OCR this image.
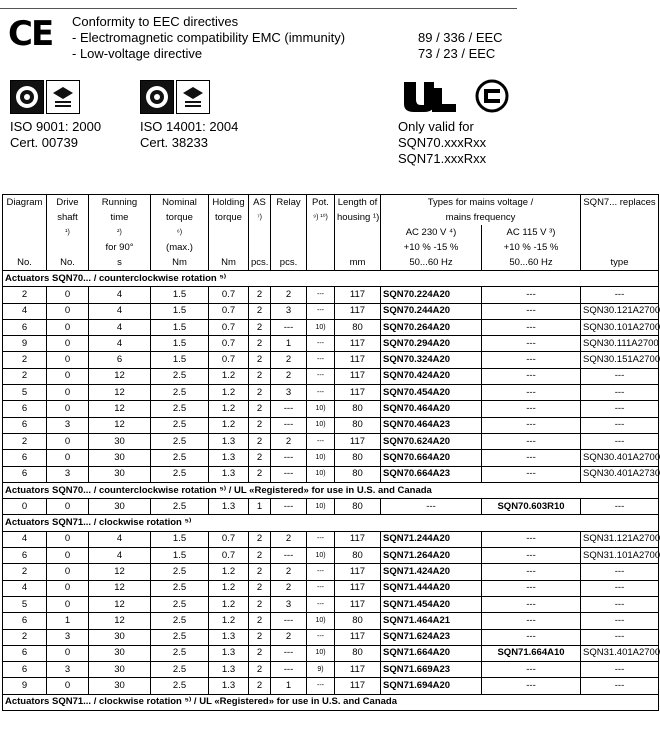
CE Conformity to EEC directives
- Electromagnetic compatibility EMC (immunity)
- Low-voltage directive
89 / 336 / EEC
73 / 23 / EEC
ISO 9001: 2000
Cert. 00739
ISO 14001: 2004
Cert. 38233
Only valid for
SQN70.xxxRxx
SQN71.xxxRxx
Diagram	Drive	Running	Nominal	Holding	AS	Relay	Pot.	Length of	Types for mains voltage /		SQN7... replaces
	shaft	time	torque	torque	⁷)		⁹) ¹⁰)	housing ¹)	mains frequency		
	¹)	²)	⁶)						AC 230 V ⁴)	AC 115 V ³)	
		for 90°	(max.)						+10 % -15 %	+10 % -15 %	
No.	No.	s	Nm	Nm	pcs.	pcs.		mm	50...60 Hz	50...60 Hz	type
Actuators SQN70... / counterclockwise rotation ⁵⁾											
2	0	4	1.5	0.7	2	2	---	117	SQN70.224A20	---	---
4	0	4	1.5	0.7	2	3	---	117	SQN70.244A20	---	SQN30.121A2700
6	0	4	1.5	0.7	2	---	10)	80	SQN70.264A20	---	SQN30.101A2700
9	0	4	1.5	0.7	2	1	---	117	SQN70.294A20	---	SQN30.111A2700
2	0	6	1.5	0.7	2	2	---	117	SQN70.324A20	---	SQN30.151A2700
2	0	12	2.5	1.2	2	2	---	117	SQN70.424A20	---	---
5	0	12	2.5	1.2	2	3	---	117	SQN70.454A20	---	---
6	0	12	2.5	1.2	2	---	10)	80	SQN70.464A20	---	---
6	3	12	2.5	1.2	2	---	10)	80	SQN70.464A23	---	---
2	0	30	2.5	1.3	2	2	---	117	SQN70.624A20	---	---
6	0	30	2.5	1.3	2	---	10)	80	SQN70.664A20	---	SQN30.401A2700
6	3	30	2.5	1.3	2	---	10)	80	SQN70.664A23	---	SQN30.401A2730
Actuators SQN70... / counterclockwise rotation ⁵⁾ / UL «Registered» for use in U.S. and Canada											
0	0	30	2.5	1.3	1	---	10)	80	---	SQN70.603R10	---
Actuators SQN71... / clockwise rotation ⁵⁾											
4	0	4	1.5	0.7	2	2	---	117	SQN71.244A20	---	SQN31.121A2700
6	0	4	1.5	0.7	2	---	10)	80	SQN71.264A20	---	SQN31.101A2700
2	0	12	2.5	1.2	2	2	---	117	SQN71.424A20	---	---
4	0	12	2.5	1.2	2	2	---	117	SQN71.444A20	---	---
5	0	12	2.5	1.2	2	3	---	117	SQN71.454A20	---	---
6	1	12	2.5	1.2	2	---	10)	80	SQN71.464A21	---	---
2	3	30	2.5	1.3	2	2	---	117	SQN71.624A23	---	---
6	0	30	2.5	1.3	2	---	10)	80	SQN71.664A20	SQN71.664A10	SQN31.401A2700
6	3	30	2.5	1.3	2	---	9)	117	SQN71.669A23	---	---
9	0	30	2.5	1.3	2	1	---	117	SQN71.694A20	---	---
Actuators SQN71... / clockwise rotation ⁵⁾ / UL «Registered» for use in U.S. and Canada											
